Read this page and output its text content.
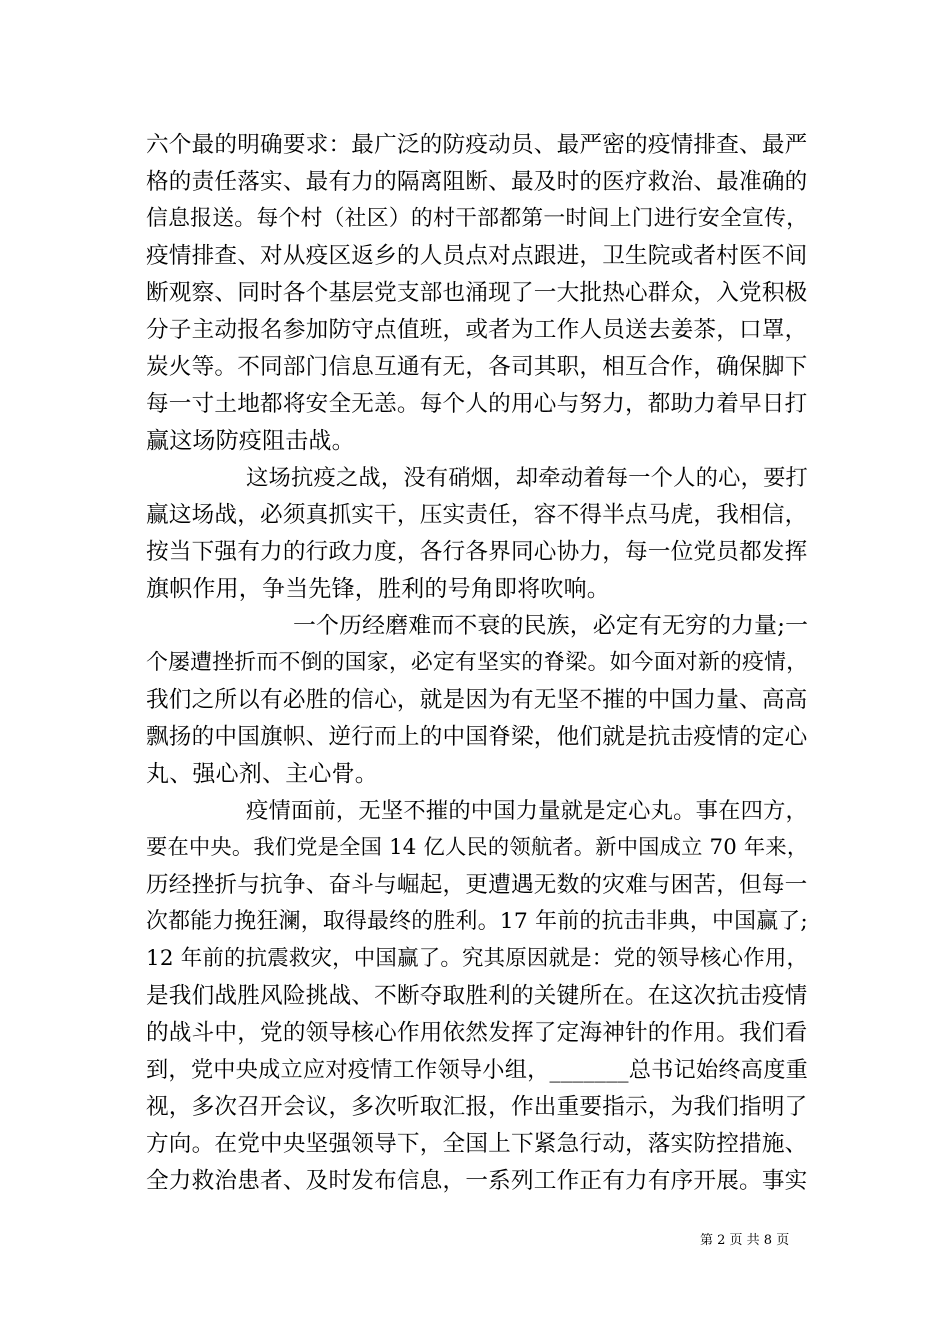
六个最的明确要求：最广泛的防疫动员、最严密的疫情排查、最严
格的责任落实、最有力的隔离阻断、最及时的医疗救治、最准确的
信息报送。每个村（社区）的村干部都第一时间上门进行安全宣传，
疫情排查、对从疫区返乡的人员点对点跟进，卫生院或者村医不间
断观察、同时各个基层党支部也涌现了一大批热心群众，入党积极
分子主动报名参加防守点值班，或者为工作人员送去姜茶，口罩，
炭火等。不同部门信息互通有无，各司其职，相互合作，确保脚下
每一寸土地都将安全无恙。每个人的用心与努力，都助力着早日打
赢这场防疫阻击战。
这场抗疫之战，没有硝烟，却牵动着每一个人的心，要打
赢这场战，必须真抓实干，压实责任，容不得半点马虎，我相信，
按当下强有力的行政力度，各行各界同心协力，每一位党员都发挥
旗帜作用，争当先锋，胜利的号角即将吹响。
一个历经磨难而不衰的民族，必定有无穷的力量;一
个屡遭挫折而不倒的国家，必定有坚实的脊梁。如今面对新的疫情，
我们之所以有必胜的信心，就是因为有无坚不摧的中国力量、高高
飘扬的中国旗帜、逆行而上的中国脊梁，他们就是抗击疫情的定心
丸、强心剂、主心骨。
疫情面前，无坚不摧的中国力量就是定心丸。事在四方，
要在中央。我们党是全国 14 亿人民的领航者。新中国成立 70 年来，
历经挫折与抗争、奋斗与崛起，更遭遇无数的灾难与困苦，但每一
次都能力挽狂澜，取得最终的胜利。17 年前的抗击非典，中国赢了;
12 年前的抗震救灾，中国赢了。究其原因就是：党的领导核心作用，
是我们战胜风险挑战、不断夺取胜利的关键所在。在这次抗击疫情
的战斗中，党的领导核心作用依然发挥了定海神针的作用。我们看
到，党中央成立应对疫情工作领导小组，_______总书记始终高度重
视，多次召开会议，多次听取汇报，作出重要指示，为我们指明了
方向。在党中央坚强领导下，全国上下紧急行动，落实防控措施、
全力救治患者、及时发布信息，一系列工作正有力有序开展。事实
第 2 页 共 8 页
